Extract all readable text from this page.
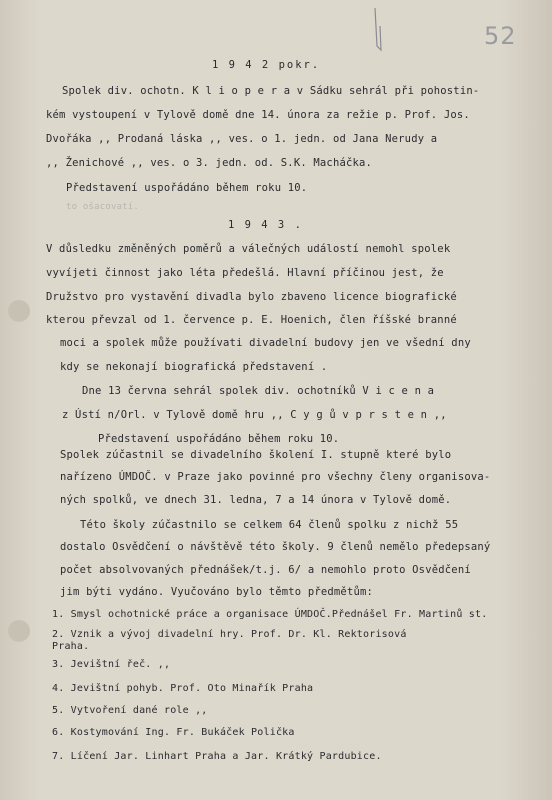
52
1 9 4 2 pokr.
Spolek div. ochotn. K l i o p e r a v Sádku sehrál při pohostin-
kém vystoupení v Tylově domě dne 14. února za režie p. Prof. Jos.
Dvořáka ,, Prodaná láska ,, ves. o 1. jedn. od Jana Nerudy a
,, Ženichové ,, ves. o 3. jedn. od. S.K. Macháčka.
Představení uspořádáno během roku 10.
to ošacovatí.
1 9 4 3 .
V důsledku změněných poměrů a válečných událostí nemohl spolek
vyvíjeti činnost jako léta předešlá. Hlavní příčinou jest, že
Družstvo pro vystavění divadla bylo zbaveno licence biografické
kterou převzal od 1. července p. E. Hoenich, člen říšské branné
moci a spolek může používati divadelní budovy jen ve všední dny
kdy se nekonají biografická představení .
Dne 13 června sehrál spolek div. ochotníků V i c e n a
z Ústí n/Orl. v Tylově domě hru ,, C y g ů v p r s t e n ,,
Představení uspořádáno během roku 10.
Spolek zúčastnil se divadelního školení I. stupně které bylo
nařízeno ÚMDOČ. v Praze jako povinné pro všechny členy organisova-
ných spolků, ve dnech 31. ledna, 7 a 14 února v Tylově domě.
Této školy zúčastnilo se celkem 64 členů spolku z nichž 55
dostalo Osvědčení o návštěvě této školy. 9 členů nemělo předepsaný
počet absolvovaných přednášek/t.j. 6/ a nemohlo proto Osvědčení
jim býti vydáno. Vyučováno bylo těmto předmětům:
1. Smysl ochotnické práce a organisace ÚMDOČ.Přednášel Fr. Martinů st.
2. Vznik a vývoj divadelní hry. Prof. Dr. Kl. Rektorisová
Praha.
3. Jevištní řeč. ,,
4. Jevištní pohyb. Prof. Oto Minařík Praha
5. Vytvoření dané role ,,
6. Kostymování Ing. Fr. Bukáček Polička
7. Líčení Jar. Linhart Praha a Jar. Krátký Pardubice.
